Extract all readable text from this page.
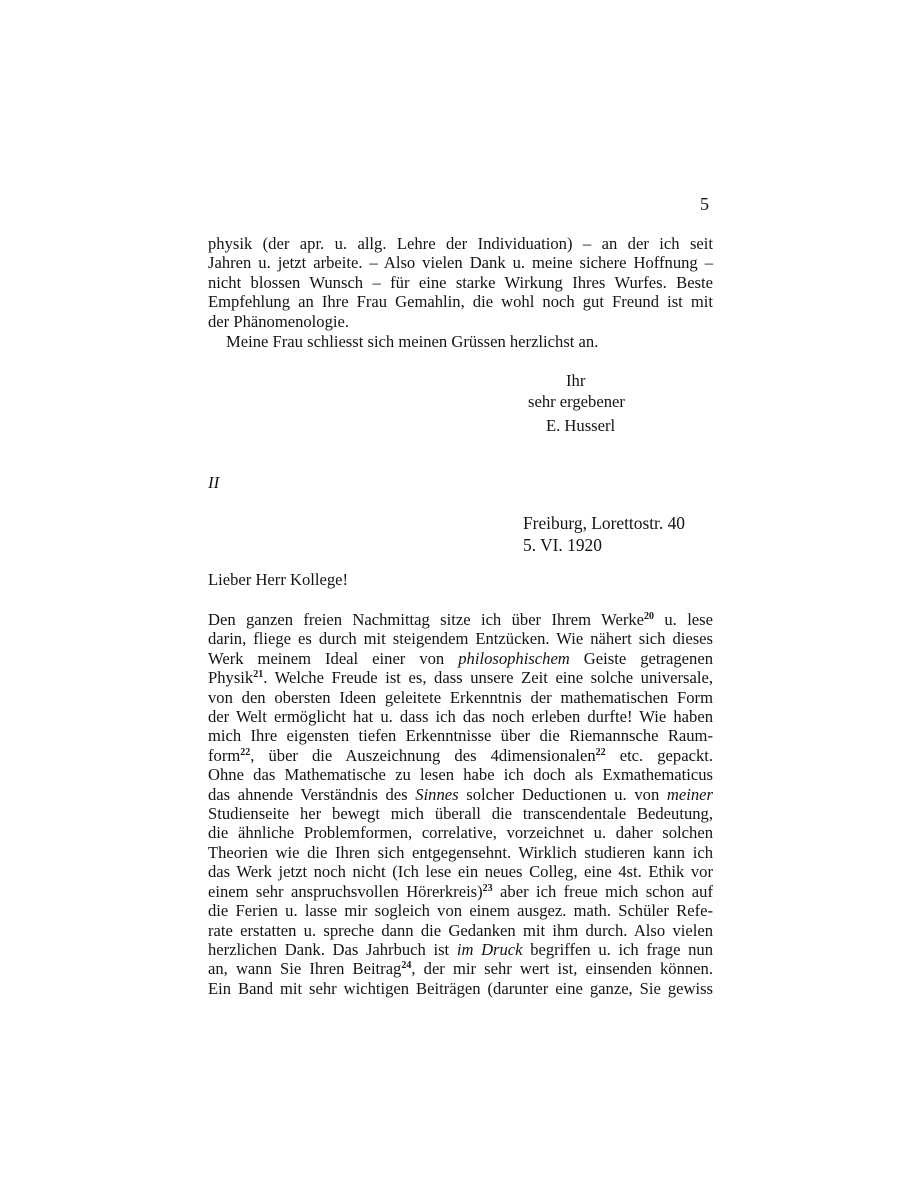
5
physik (der apr. u. allg. Lehre der Individuation) – an der ich seit
Jahren u. jetzt arbeite. – Also vielen Dank u. meine sichere Hoffnung –
nicht blossen Wunsch – für eine starke Wirkung Ihres Wurfes. Beste
Empfehlung an Ihre Frau Gemahlin, die wohl noch gut Freund ist mit
der Phänomenologie.
Meine Frau schliesst sich meinen Grüssen herzlichst an.
Ihr
sehr ergebener
E. Husserl
II
Freiburg, Lorettostr. 40
5. VI. 1920
Lieber Herr Kollege!
Den ganzen freien Nachmittag sitze ich über Ihrem Werke$^{20}$ u. lese
darin, fliege es durch mit steigendem Entzücken. Wie nähert sich dieses
Werk meinem Ideal einer von philosophischem Geiste getragenen
Physik$^{21}$. Welche Freude ist es, dass unsere Zeit eine solche universale,
von den obersten Ideen geleitete Erkenntnis der mathematischen Form
der Welt ermöglicht hat u. dass ich das noch erleben durfte! Wie haben
mich Ihre eigensten tiefen Erkenntnisse über die Riemannsche Raum-
form$^{22}$, über die Auszeichnung des 4dimensionalen$^{22}$ etc. gepackt.
Ohne das Mathematische zu lesen habe ich doch als Exmathematicus
das ahnende Verständnis des Sinnes solcher Deductionen u. von meiner
Studienseite her bewegt mich überall die transcendentale Bedeutung,
die ähnliche Problemformen, correlative, vorzeichnet u. daher solchen
Theorien wie die Ihren sich entgegensehnt. Wirklich studieren kann ich
das Werk jetzt noch nicht (Ich lese ein neues Colleg, eine 4st. Ethik vor
einem sehr anspruchsvollen Hörerkreis)$^{23}$ aber ich freue mich schon auf
die Ferien u. lasse mir sogleich von einem ausgez. math. Schüler Refe-
rate erstatten u. spreche dann die Gedanken mit ihm durch. Also vielen
herzlichen Dank. Das Jahrbuch ist im Druck begriffen u. ich frage nun
an, wann Sie Ihren Beitrag$^{24}$, der mir sehr wert ist, einsenden können.
Ein Band mit sehr wichtigen Beiträgen (darunter eine ganze, Sie gewiss
